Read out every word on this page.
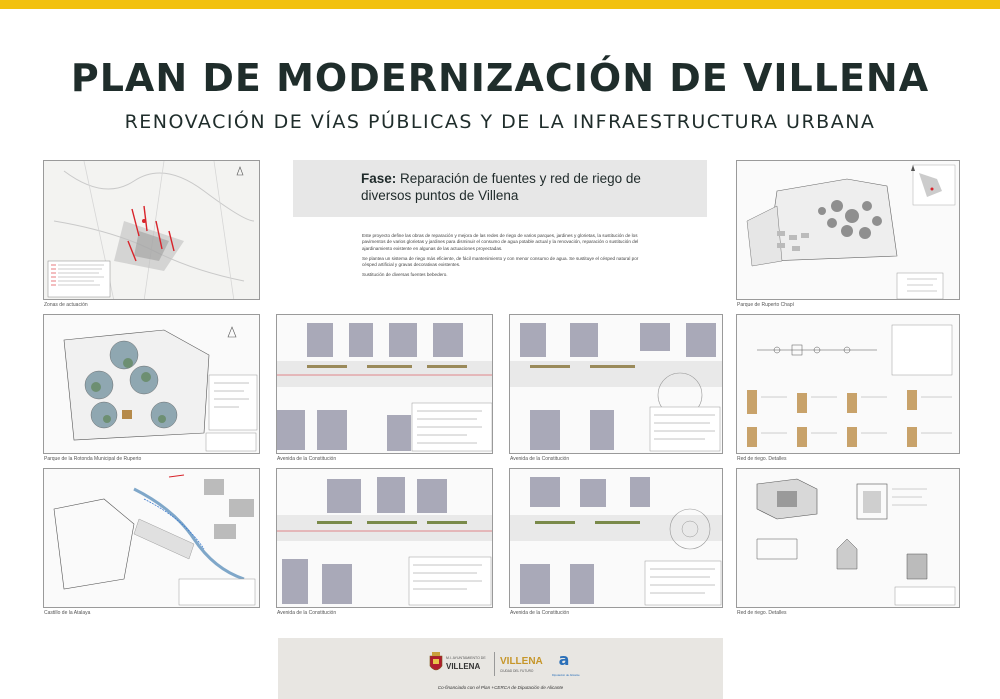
PLAN DE MODERNIZACIÓN DE VILLENA
RENOVACIÓN DE VÍAS PÚBLICAS Y DE LA INFRAESTRUCTURA URBANA
Zonas de actuación
Fase: Reparación de fuentes y red de riego de diversos puntos de Villena

Este proyecto define las obras de reparación y mejora de las redes de riego de varios parques, jardines y glorietas, la sustitución de los pavimentos de varios glorietas y jardines para disminuir el consumo de agua potable actual y la renovación, reparación o sustitución del ajardinamiento existente en algunas de las actuaciones proyectadas.

Se plantea un sistema de riego más eficiente, de fácil mantenimiento y con menor consumo de agua. Se sustituye el césped natural por césped artificial y gravas decorativas existentes.

Sustitución de diversas fuentes bebedero.

Parque de Ruperto Chapí
Parque de la Rotonda Municipal de Ruperto	Avenida de la Constitución	Avenida de la Constitución	Red de riego. Detalles
Castillo de la Atalaya	Avenida de la Constitución	Avenida de la Constitución	Red de riego. Detalles
M.I. AYUNTAMIENTO DE
VILLENA VILLENA
CIUDAD DEL FUTURO
a
Diputación de Alicante
Co-financiado con el Plan +CERCA de Diputación de Alicante
